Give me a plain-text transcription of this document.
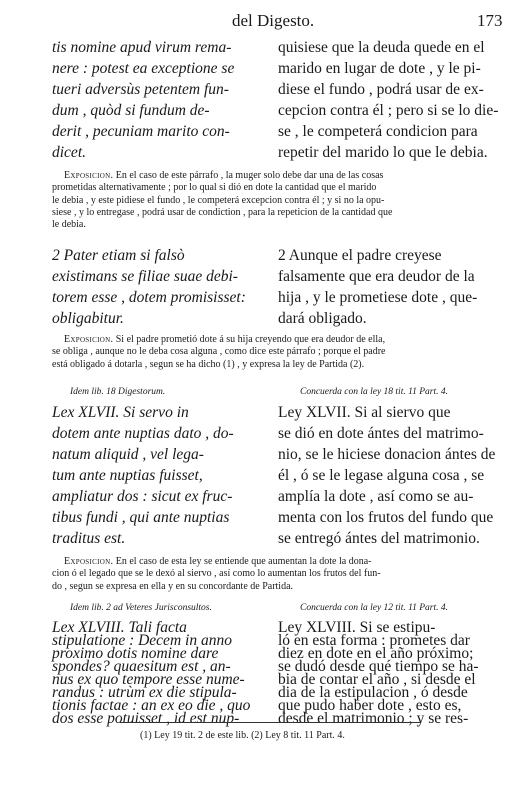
del Digesto.	173
tis nomine apud virum rema-
nere : potest ea exceptione se
tueri adversùs petentem fun-
dum , quòd si fundum de-
derit , pecuniam marito con-
dicet.
quisiese que la deuda quede en el
marido en lugar de dote , y le pi-
diese el fundo , podrá usar de ex-
cepcion contra él ; pero si se lo die-
se , le competerá condicion para
repetir del marido lo que le debia.
Exposicion. En el caso de este párrafo , la muger solo debe dar una de las cosas
prometidas alternativamente ; por lo qual si dió en dote la cantidad que el marido
le debia , y este pidiese el fundo , le competerá excepcion contra él ; y si no la opu-
siese , y lo entregase , podrá usar de condiction , para la repeticion de la cantidad que
le debia.
2 Pater etiam si falsò
existimans se filiae suae debi-
torem esse , dotem promisisset:
obligabitur.
2 Aunque el padre creyese
falsamente que era deudor de la
hija , y le prometiese dote , que-
dará obligado.
Exposicion. Si el padre prometió dote á su hija creyendo que era deudor de ella,
se obliga , aunque no le deba cosa alguna , como dice este párrafo ; porque el padre
está obligado á dotarla , segun se ha dicho (1) , y expresa la ley de Partida (2).
Idem lib. 18 Digestorum.	Concuerda con la ley 18 tit. 11 Part. 4.
Lex XLVII. Si servo in
dotem ante nuptias dato , do-
natum aliquid , vel lega-
tum ante nuptias fuisset,
ampliatur dos : sicut ex fruc-
tibus fundi , qui ante nuptias
traditus est.
Ley XLVII. Si al siervo que
se dió en dote ántes del matrimo-
nio, se le hiciese donacion ántes de
él , ó se le legase alguna cosa , se
amplía la dote , así como se au-
menta con los frutos del fundo que
se entregó ántes del matrimonio.
Exposicion. En el caso de esta ley se entiende que aumentan la dote la dona-
cion ó el legado que se le dexó al siervo , así como lo aumentan los frutos del fun-
do , segun se expresa en ella y en su concordante de Partida.
Idem lib. 2 ad Veteres Jurisconsultos.	Concuerda con la ley 12 tit. 11 Part. 4.
Lex XLVIII. Tali facta
stipulatione : Decem in anno
proximo dotis nomine dare
spondes? quaesitum est , an-
nus ex quo tempore esse nume-
randus : utrùm ex die stipula-
tionis factae : an ex eo die , quo
dos esse potuisset , id est nup-
Ley XLVIII. Si se estipu-
ló en esta forma : prometes dar
diez en dote en el año próximo;
se dudó desde qué tiempo se ha-
bia de contar el año , si desde el
dia de la estipulacion , ó desde
que pudo haber dote , esto es,
desde el matrimonio ; y se res-
(1) Ley 19 tit. 2 de este lib. (2) Ley 8 tit. 11 Part. 4.
